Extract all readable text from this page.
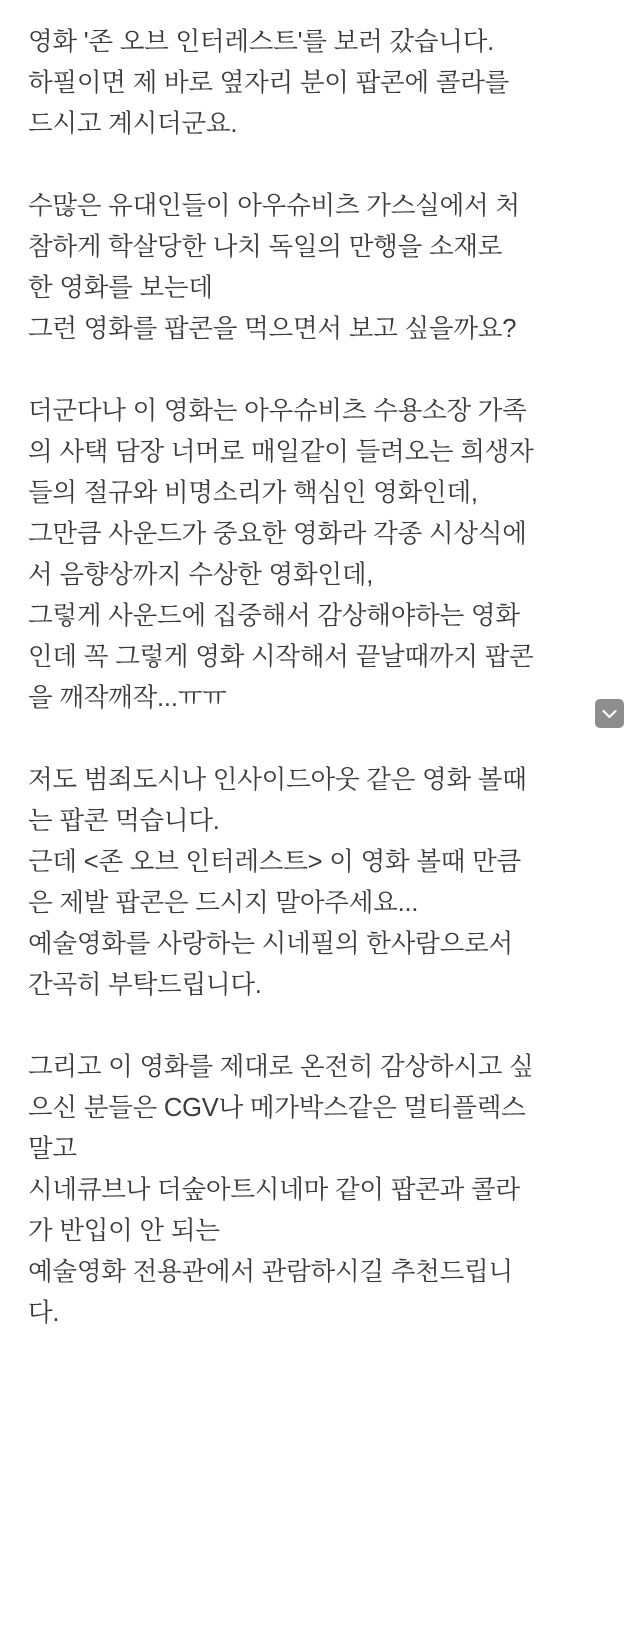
영화 '존 오브 인터레스트'를 보러 갔습니다.
하필이면 제 바로 옆자리 분이 팝콘에 콜라를
드시고 계시더군요.

수많은 유대인들이 아우슈비츠 가스실에서 처
참하게 학살당한 나치 독일의 만행을 소재로
한 영화를 보는데
그런 영화를 팝콘을 먹으면서 보고 싶을까요?

더군다나 이 영화는 아우슈비츠 수용소장 가족
의 사택 담장 너머로 매일같이 들려오는 희생자
들의 절규와 비명소리가 핵심인 영화인데,
그만큼 사운드가 중요한 영화라 각종 시상식에
서 음향상까지 수상한 영화인데,
그렇게 사운드에 집중해서 감상해야하는 영화
인데 꼭 그렇게 영화 시작해서 끝날때까지 팝콘
을 깨작깨작...ㅠㅠ

저도 범죄도시나 인사이드아웃 같은 영화 볼때
는 팝콘 먹습니다.
근데 <존 오브 인터레스트> 이 영화 볼때 만큼
은 제발 팝콘은 드시지 말아주세요...
예술영화를 사랑하는 시네필의 한사람으로서
간곡히 부탁드립니다.

그리고 이 영화를 제대로 온전히 감상하시고 싶
으신 분들은 CGV나 메가박스같은 멀티플렉스
말고
시네큐브나 더숲아트시네마 같이 팝콘과 콜라
가 반입이 안 되는
예술영화 전용관에서 관람하시길 추천드립니
다.
